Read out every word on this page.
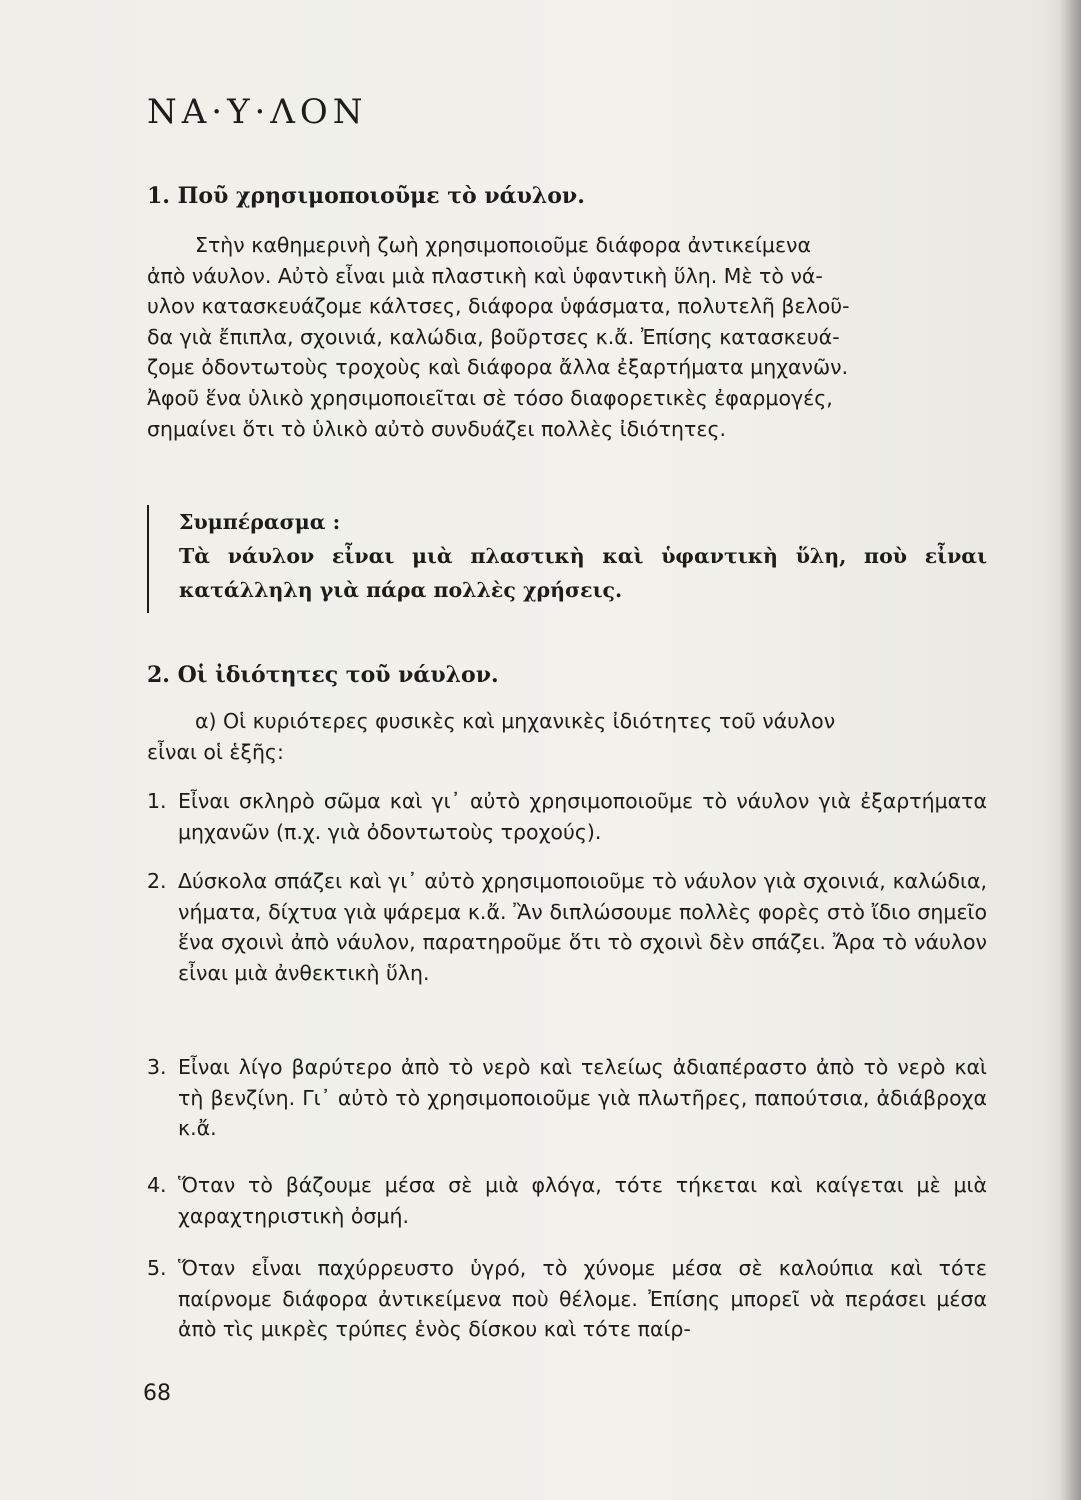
ΝΑ·Υ·ΛΟΝ
1. Ποῦ χρησιμοποιοῦμε τὸ νάυλον.

Στὴν καθημερινὴ ζωὴ χρησιμοποιοῦμε διάφορα ἀντικείμενα
ἀπὸ νάυλον. Αὐτὸ εἶναι μιὰ πλαστικὴ καὶ ὑφαντικὴ ὕλη. Μὲ τὸ νά-
υλον κατασκευάζομε κάλτσες, διάφορα ὑφάσματα, πολυτελῆ βελοῦ-
δα γιὰ ἔπιπλα, σχοινιά, καλώδια, βοῦρτσες κ.ἄ. Ἐπίσης κατασκευά-
ζομε ὀδοντωτοὺς τροχοὺς καὶ διάφορα ἄλλα ἐξαρτήματα μηχανῶν.
Ἀφοῦ ἕνα ὑλικὸ χρησιμοποιεῖται σὲ τόσο διαφορετικὲς ἐφαρμογές,
σημαίνει ὅτι τὸ ὑλικὸ αὐτὸ συνδυάζει πολλὲς ἰδιότητες.

Συμπέρασμα :
Τὰ νάυλον εἶναι μιὰ πλαστικὴ καὶ ὑφαντικὴ ὕλη, ποὺ εἶναι κατάλληλη γιὰ πάρα πολλὲς χρήσεις.
2. Οἱ ἰδιότητες τοῦ νάυλον.

α) Οἱ κυριότερες φυσικὲς καὶ μηχανικὲς ἰδιότητες τοῦ νάυλον
εἶναι οἱ ἑξῆς:

1. Εἶναι σκληρὸ σῶμα καὶ γι᾽ αὐτὸ χρησιμοποιοῦμε τὸ νάυλον γιὰ ἐξαρτήματα μηχανῶν (π.χ. γιὰ ὀδοντωτοὺς τροχούς).
2. Δύσκολα σπάζει καὶ γι᾽ αὐτὸ χρησιμοποιοῦμε τὸ νάυλον γιὰ σχοινιά, καλώδια, νήματα, δίχτυα γιὰ ψάρεμα κ.ἄ. Ἂν διπλώσουμε πολλὲς φορὲς στὸ ἴδιο σημεῖο ἕνα σχοινὶ ἀπὸ νάυλον, παρατηροῦμε ὅτι τὸ σχοινὶ δὲν σπάζει. Ἄρα τὸ νάυλον εἶναι μιὰ ἀνθεκτικὴ ὕλη.
3. Εἶναι λίγο βαρύτερο ἀπὸ τὸ νερὸ καὶ τελείως ἀδιαπέραστο ἀπὸ τὸ νερὸ καὶ τὴ βενζίνη. Γι᾽ αὐτὸ τὸ χρησιμοποιοῦμε γιὰ πλωτῆρες, παπούτσια, ἀδιάβροχα κ.ἄ.
4. Ὅταν τὸ βάζουμε μέσα σὲ μιὰ φλόγα, τότε τήκεται καὶ καίγεται μὲ μιὰ χαραχτηριστικὴ ὀσμή.
5. Ὅταν εἶναι παχύρρευστο ὑγρό, τὸ χύνομε μέσα σὲ καλούπια καὶ τότε παίρνομε διάφορα ἀντικείμενα ποὺ θέλομε. Ἐπίσης μπορεῖ νὰ περάσει μέσα ἀπὸ τὶς μικρὲς τρύπες ἑνὸς δίσκου καὶ τότε παίρ-
68
